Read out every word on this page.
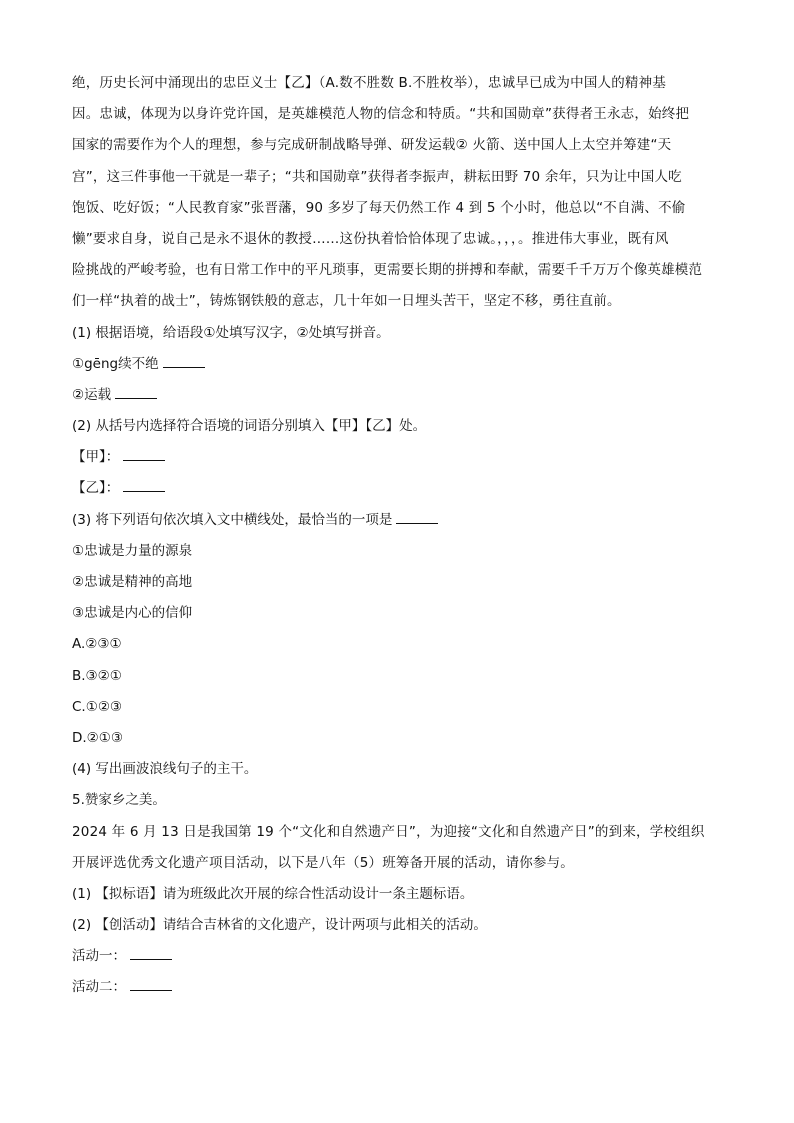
绝，历史长河中涌现出的忠臣义士【乙】（A.数不胜数 B.不胜枚举），忠诚早已成为中国人的精神基
因。忠诚，体现为以身许党许国，是英雄模范人物的信念和特质。“共和国勋章”获得者王永志，始终把
国家的需要作为个人的理想，参与完成研制战略导弹、研发运载② 火箭、送中国人上太空并筹建“天
宫”，这三件事他一干就是一辈子；“共和国勋章”获得者李振声，耕耘田野 70 余年，只为让中国人吃
饱饭、吃好饭；“人民教育家”张晋藩，90 多岁了每天仍然工作 4 到 5 个小时，他总以“不自满、不偷
懒”要求自身，说自己是永不退休的教授……这份执着恰恰体现了忠诚。，，，。推进伟大事业，既有风
险挑战的严峻考验，也有日常工作中的平凡琐事，更需要长期的拼搏和奉献，需要千千万万个像英雄模范
们一样“执着的战士”，铸炼钢铁般的意志，几十年如一日埋头苦干，坚定不移，勇往直前。
(1) 根据语境，给语段①处填写汉字，②处填写拼音。
①gēng续不绝
②运载
(2) 从括号内选择符合语境的词语分别填入【甲】【乙】处。
【甲】：
【乙】：
(3) 将下列语句依次填入文中横线处，最恰当的一项是
①忠诚是力量的源泉
②忠诚是精神的高地
③忠诚是内心的信仰
A.②③①
B.③②①
C.①②③
D.②①③
(4) 写出画波浪线句子的主干。
5.赞家乡之美。
2024 年 6 月 13 日是我国第 19 个“文化和自然遗产日”，为迎接“文化和自然遗产日”的到来，学校组织
开展评选优秀文化遗产项目活动，以下是八年（5）班筹备开展的活动，请你参与。
(1) 【拟标语】请为班级此次开展的综合性活动设计一条主题标语。
(2) 【创活动】请结合吉林省的文化遗产，设计两项与此相关的活动。
活动一：
活动二：
